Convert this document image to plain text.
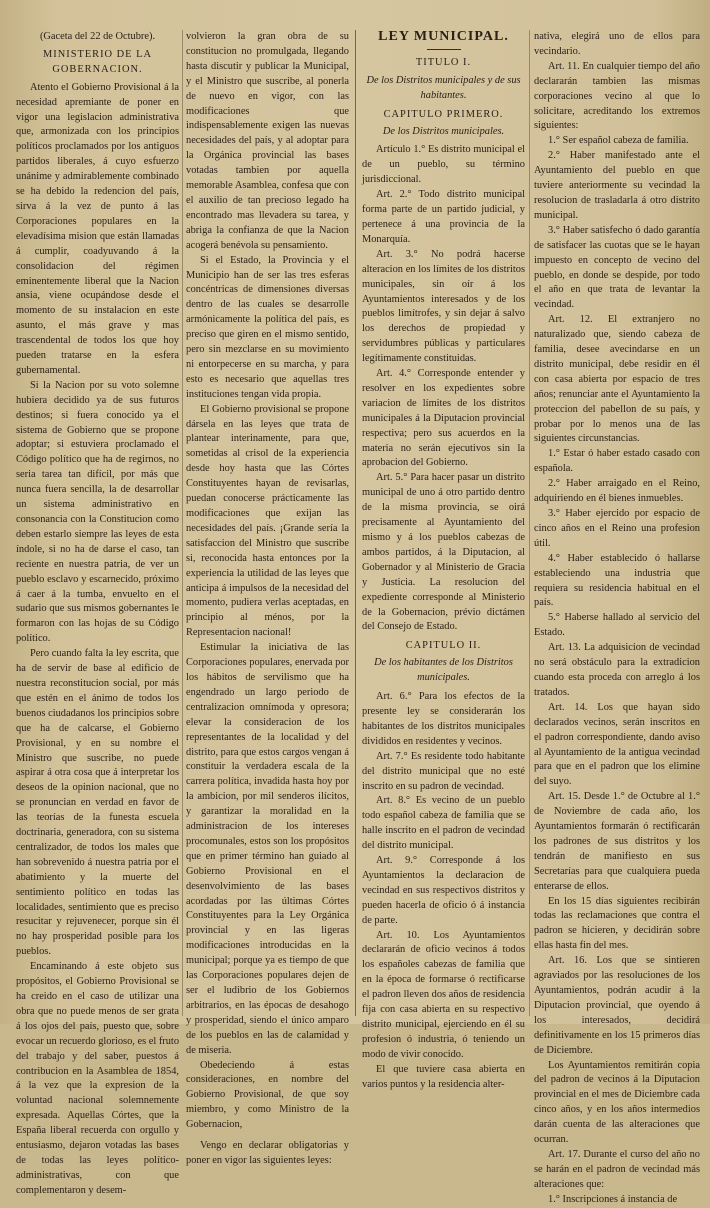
(Gaceta del 22 de Octubre).

MINISTERIO DE LA GOBERNACION.

Atento el Gobierno Provisional á la necesidad apremiante de poner en vigor una legislacion administrativa que, armonizada con los principios políticos proclamados por los antiguos partidos liberales, á cuyo esfuerzo unánime y admirablemente combinado se ha debido la redencion del país, sirva á la vez de punto á las Corporaciones populares en la elevadísima mision que están llamadas á cumplir, coadyuvando á la consolidacion del régimen eminentemente liberal que la Nacion ansia, viene ocupándose desde el momento de su instalacion en este asunto, el más grave y mas trascendental de todos los que hoy pueden tratarse en la esfera gubernamental.

Si la Nacion por su voto solemne hubiera decidido ya de sus futuros destinos; si fuera conocido ya el sistema de Gobierno que se propone adoptar; si estuviera proclamado el Código político que ha de regirnos, no seria tarea tan difícil, por más que nunca fuera sencilla, la de desarrollar un sistema administrativo en consonancia con la Constitucion como deben estarlo siempre las leyes de esta índole, si no ha de darse el caso, tan reciente en nuestra patria, de ver un pueblo esclavo y escarnecido, próximo á caer á la tumba, envuelto en el sudario que sus mismos gobernantes le formaron con las hojas de su Código político.

Pero cuando falta la ley escrita, que ha de servir de base al edificio de nuestra reconstitucion social, por más que estén en el ánimo de todos los buenos ciudadanos los principios sobre que ha de calcarse, el Gobierno Provisional, y en su nombre el Ministro que suscribe, no puede aspirar á otra cosa que á interpretar los deseos de la opinion nacional, que no se pronuncian en verdad en favor de las teorías de la funesta escuela doctrinaria, generadora, con su sistema centralizador, de todos los males que han sobrevenido á nuestra patria por el abatimiento y la muerte del sentimiento político en todas las localidades, sentimiento que es preciso resucitar y rejuvenecer, porque sin él no hay prosperidad posible para los pueblos.

Encaminando á este objeto sus propósitos, el Gobierno Provisional se ha creido en el caso de utilizar una obra que no puede menos de ser grata á los ojos del país, puesto que, sobre evocar un recuerdo glorioso, es el fruto del trabajo y del saber, puestos á contribucion en la Asamblea de 1854, á la vez que la expresion de la voluntad nacional solemnemente expresada. Aquellas Córtes, que la España liberal recuerda con orgullo y entusiasmo, dejaron votadas las bases de todas las leyes político-administrativas, con que complementaron y desem-

volvieron la gran obra de su constitucion no promulgada, llegando hasta discutir y publicar la Municipal, y el Ministro que suscribe, al ponerla de nuevo en vigor, con las modificaciones que indispensablemente exigen las nuevas necesidades del país, y al adoptar para la Orgánica provincial las bases votadas tambien por aquella memorable Asamblea, confesa que con el auxilio de tan precioso legado ha encontrado mas llevadera su tarea, y abriga la confianza de que la Nacion acogerá benévola su pensamiento.

Si el Estado, la Provincia y el Municipio han de ser las tres esferas concéntricas de dimensiones diversas dentro de las cuales se desarrolle armónicamente la política del país, es preciso que giren en el mismo sentido, pero sin mezclarse en su movimiento ni entorpecerse en su marcha, y para esto es necesario que aquellas tres instituciones tengan vida propia.

El Gobierno provisional se propone dársela en las leyes que trata de plantear interinamente, para que, sometidas al crisol de la experiencia desde hoy hasta que las Córtes Constituyentes hayan de revisarlas, puedan conocerse prácticamente las modificaciones que exijan las necesidades del país. ¡Grande sería la satisfaccion del Ministro que suscribe si, reconocida hasta entonces por la experiencia la utilidad de las leyes que anticipa á impulsos de la necesidad del momento, pudiera verlas aceptadas, en principio al ménos, por la Representacion nacional!

Estimular la iniciativa de las Corporaciones populares, enervada por los hábitos de servilismo que ha engendrado un largo periodo de centralizacion omnímoda y opresora; elevar la consideracion de los representantes de la localidad y del distrito, para que estos cargos vengan á constituir la verdadera escala de la carrera política, invadida hasta hoy por la ambicion, por mil senderos ilícitos, y garantizar la moralidad en la administracion de los intereses procomunales, estos son los propósitos que en primer término han guiado al Gobierno Provisional en el desenvolvimiento de las bases acordadas por las últimas Córtes Constituyentes para la Ley Orgánica provincial y en las ligeras modificaciones introducidas en la municipal; porque ya es tiempo de que las Corporaciones populares dejen de ser el ludibrio de los Gobiernos arbitrarios, en las épocas de desahogo y prosperidad, siendo el único amparo de los pueblos en las de calamidad y de miseria.

Obedeciendo á estas consideraciones, en nombre del Gobierno Provisional, de que soy miembro, y como Ministro de la Gobernacion,

Vengo en declarar obligatorias y poner en vigor las siguientes leyes:

LEY MUNICIPAL.

TITULO I.

De los Distritos municipales y de sus habitantes.

CAPITULO PRIMERO.

De los Distritos municipales.

Artículo 1.° Es distrito municipal el de un pueblo, su término jurisdiccional.

Art. 2.° Todo distrito municipal forma parte de un partido judicial, y pertenece á una provincia de la Monarquía.

Art. 3.° No podrá hacerse alteracion en los límites de los distritos municipales, sin oír á los Ayuntamientos interesados y de los pueblos limítrofes, y sin dejar á salvo los derechos de propiedad y servidumbres públicas y particulares legítimamente constituidas.

Art. 4.° Corresponde entender y resolver en los expedientes sobre variacion de límites de los distritos municipales á la Diputacion provincial respectiva; pero sus acuerdos en la materia no serán ejecutivos sin la aprobacion del Gobierno.

Art. 5.° Para hacer pasar un distrito municipal de uno á otro partido dentro de la misma provincia, se oirá precisamente al Ayuntamiento del mismo y á los pueblos cabezas de ambos partidos, á la Diputacion, al Gobernador y al Ministerio de Gracia y Justicia. La resolucion del expediente corresponde al Ministerio de la Gobernacion, prévio dictámen del Consejo de Estado.

CAPITULO II.

De los habitantes de los Distritos municipales.

Art. 6.° Para los efectos de la presente ley se considerarán los habitantes de los distritos municipales divididos en residentes y vecinos.

Art. 7.° Es residente todo habitante del distrito municipal que no esté inscrito en su padron de vecindad.

Art. 8.° Es vecino de un pueblo todo español cabeza de familia que se halle inscrito en el padron de vecindad del distrito municipal.

Art. 9.° Corresponde á los Ayuntamientos la declaracion de vecindad en sus respectivos distritos y pueden hacerla de oficio ó á instancia de parte.

Art. 10. Los Ayuntamientos declararán de oficio vecinos á todos los españoles cabezas de familia que en la época de formarse ó rectificarse el padron lleven dos años de residencia fija con casa abierta en su respectivo distrito municipal, ejerciendo en él su profesion ó industria, ó teniendo un modo de vivir conocido.

El que tuviere casa abierta en varios puntos y la residencia alter-

nativa, elegirá uno de ellos para vecindario.

Art. 11. En cualquier tiempo del año declararán tambien las mismas corporaciones vecino al que lo solicitare, acreditando los extremos siguientes:

1.° Ser español cabeza de familia.

2.° Haber manifestado ante el Ayuntamiento del pueblo en que tuviere anteriormente su vecindad la resolucion de trasladarla á otro distrito municipal.

3.° Haber satisfecho ó dado garantía de satisfacer las cuotas que se le hayan impuesto en concepto de vecino del pueblo, en donde se despide, por todo el año en que trata de levantar la vecindad.

Art. 12. El extranjero no naturalizado que, siendo cabeza de familia, desee avecindarse en un distrito municipal, debe residir en él con casa abierta por espacio de tres años; renunciar ante el Ayuntamiento la proteccion del pabellon de su país, y probar por lo menos una de las siguientes circunstancias.

1.° Estar ó haber estado casado con española.

2.° Haber arraigado en el Reino, adquiriendo en él bienes inmuebles.

3.° Haber ejercido por espacio de cinco años en el Reino una profesion útil.

4.° Haber establecido ó hallarse estableciendo una industria que requiera su residencia habitual en el país.

5.° Haberse hallado al servicio del Estado.

Art. 13. La adquisicion de vecindad no será obstáculo para la extradicion cuando esta proceda con arreglo á los tratados.

Art. 14. Los que hayan sido declarados vecinos, serán inscritos en el padron correspondiente, dando aviso al Ayuntamiento de la antigua vecindad para que en el padron que los elimine del suyo.

Art. 15. Desde 1.° de Octubre al 1.° de Noviembre de cada año, los Ayuntamientos formarán ó rectificarán los padrones de sus distritos y los tendrán de manifiesto en sus Secretarías para que cualquiera pueda enterarse de ellos.

En los 15 días siguientes recibirán todas las reclamaciones que contra el padron se hicieren, y decidirán sobre ellas hasta fin del mes.

Art. 16. Los que se sintieren agraviados por las resoluciones de los Ayuntamientos, podrán acudir á la Diputacion provincial, que oyendo á los interesados, decidirá definitivamente en los 15 primeros días de Diciembre.

Los Ayuntamientos remitirán copia del padron de vecinos á la Diputacion provincial en el mes de Diciembre cada cinco años, y en los años intermedios darán cuenta de las alteraciones que ocurran.

Art. 17. Durante el curso del año no se harán en el padron de vecindad más alteraciones que:

1.° Inscripciones á instancia de
